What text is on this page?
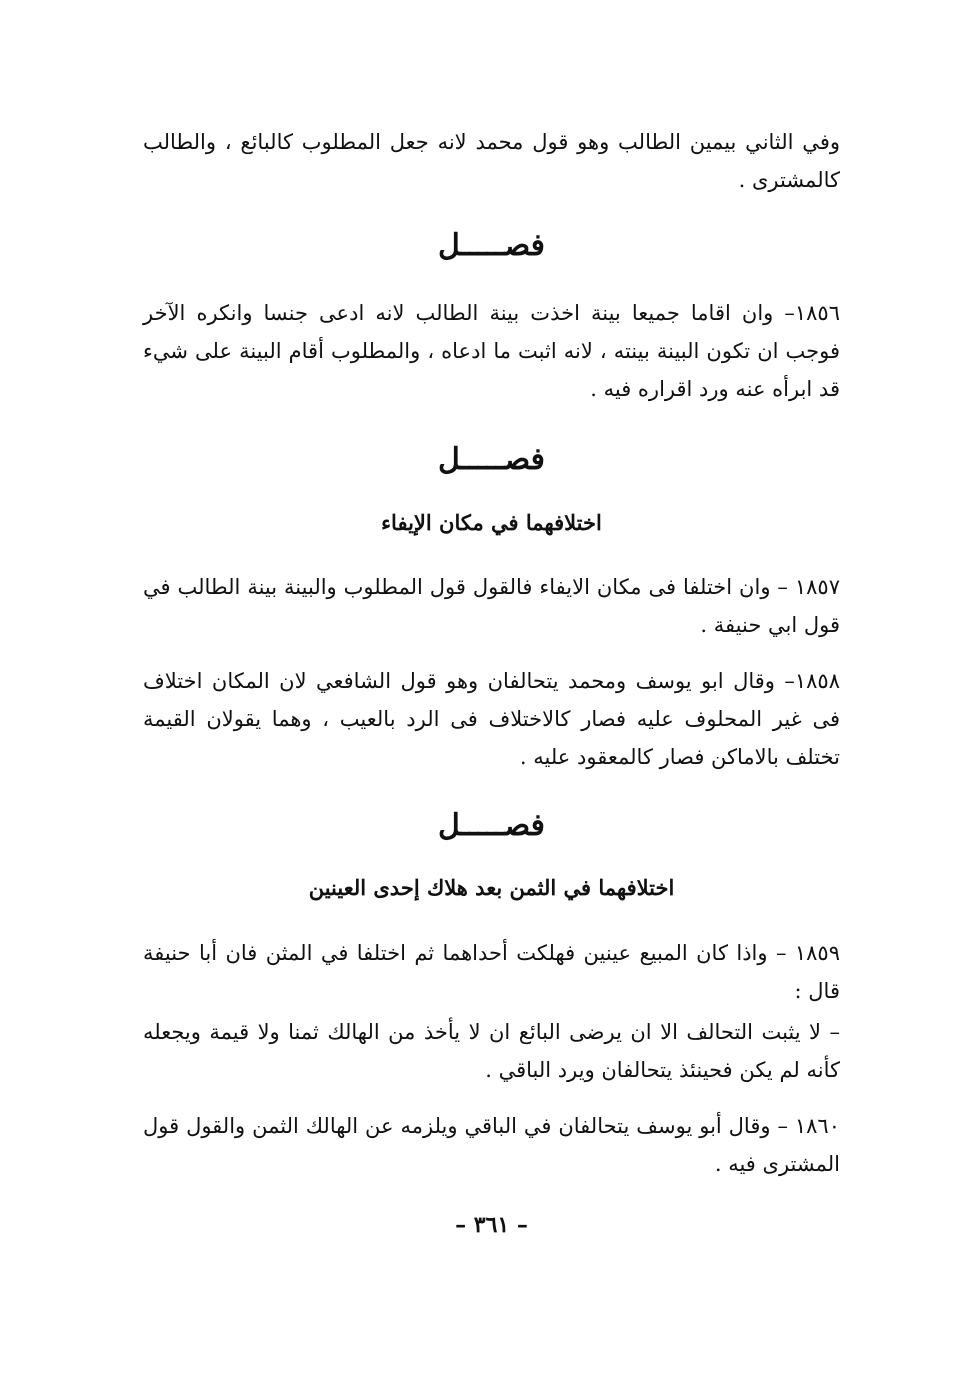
وفي الثاني بيمين الطالب وهو قول محمد لانه جعل المطلوب كالبائع ، والطالب كالمشترى .

فصـــــل

١٨٥٦– وان اقاما جميعا بينة اخذت بينة الطالب لانه ادعى جنسا وانكره الآخر فوجب ان تكون البينة بينته ، لانه اثبت ما ادعاه ، والمطلوب أقام البينة على شيء قد ابرأه عنه ورد اقراره فيه .

فصـــــل
اختلافهما في مكان الإيفاء

١٨٥٧ – وان اختلفا فى مكان الايفاء فالقول قول المطلوب والبينة بينة الطالب في قول ابي حنيفة .

١٨٥٨– وقال ابو يوسف ومحمد يتحالفان وهو قول الشافعي لان المكان اختلاف فى غير المحلوف عليه فصار كالاختلاف فى الرد بالعيب ، وهما يقولان القيمة تختلف بالاماكن فصار كالمعقود عليه .

فصـــــل
اختلافهما في الثمن بعد هلاك إحدى العينين

١٨٥٩ – واذا كان المبيع عينين فهلكت أحداهما ثم اختلفا في المثن فان أبا حنيفة قال :

– لا يثبت التحالف الا ان يرضى البائع ان لا يأخذ من الهالك ثمنا ولا قيمة ويجعله كأنه لم يكن فحينئذ يتحالفان ويرد الباقي .

١٨٦٠ – وقال أبو يوسف يتحالفان في الباقي ويلزمه عن الهالك الثمن والقول قول المشترى فيه .

– ٣٦١ –
